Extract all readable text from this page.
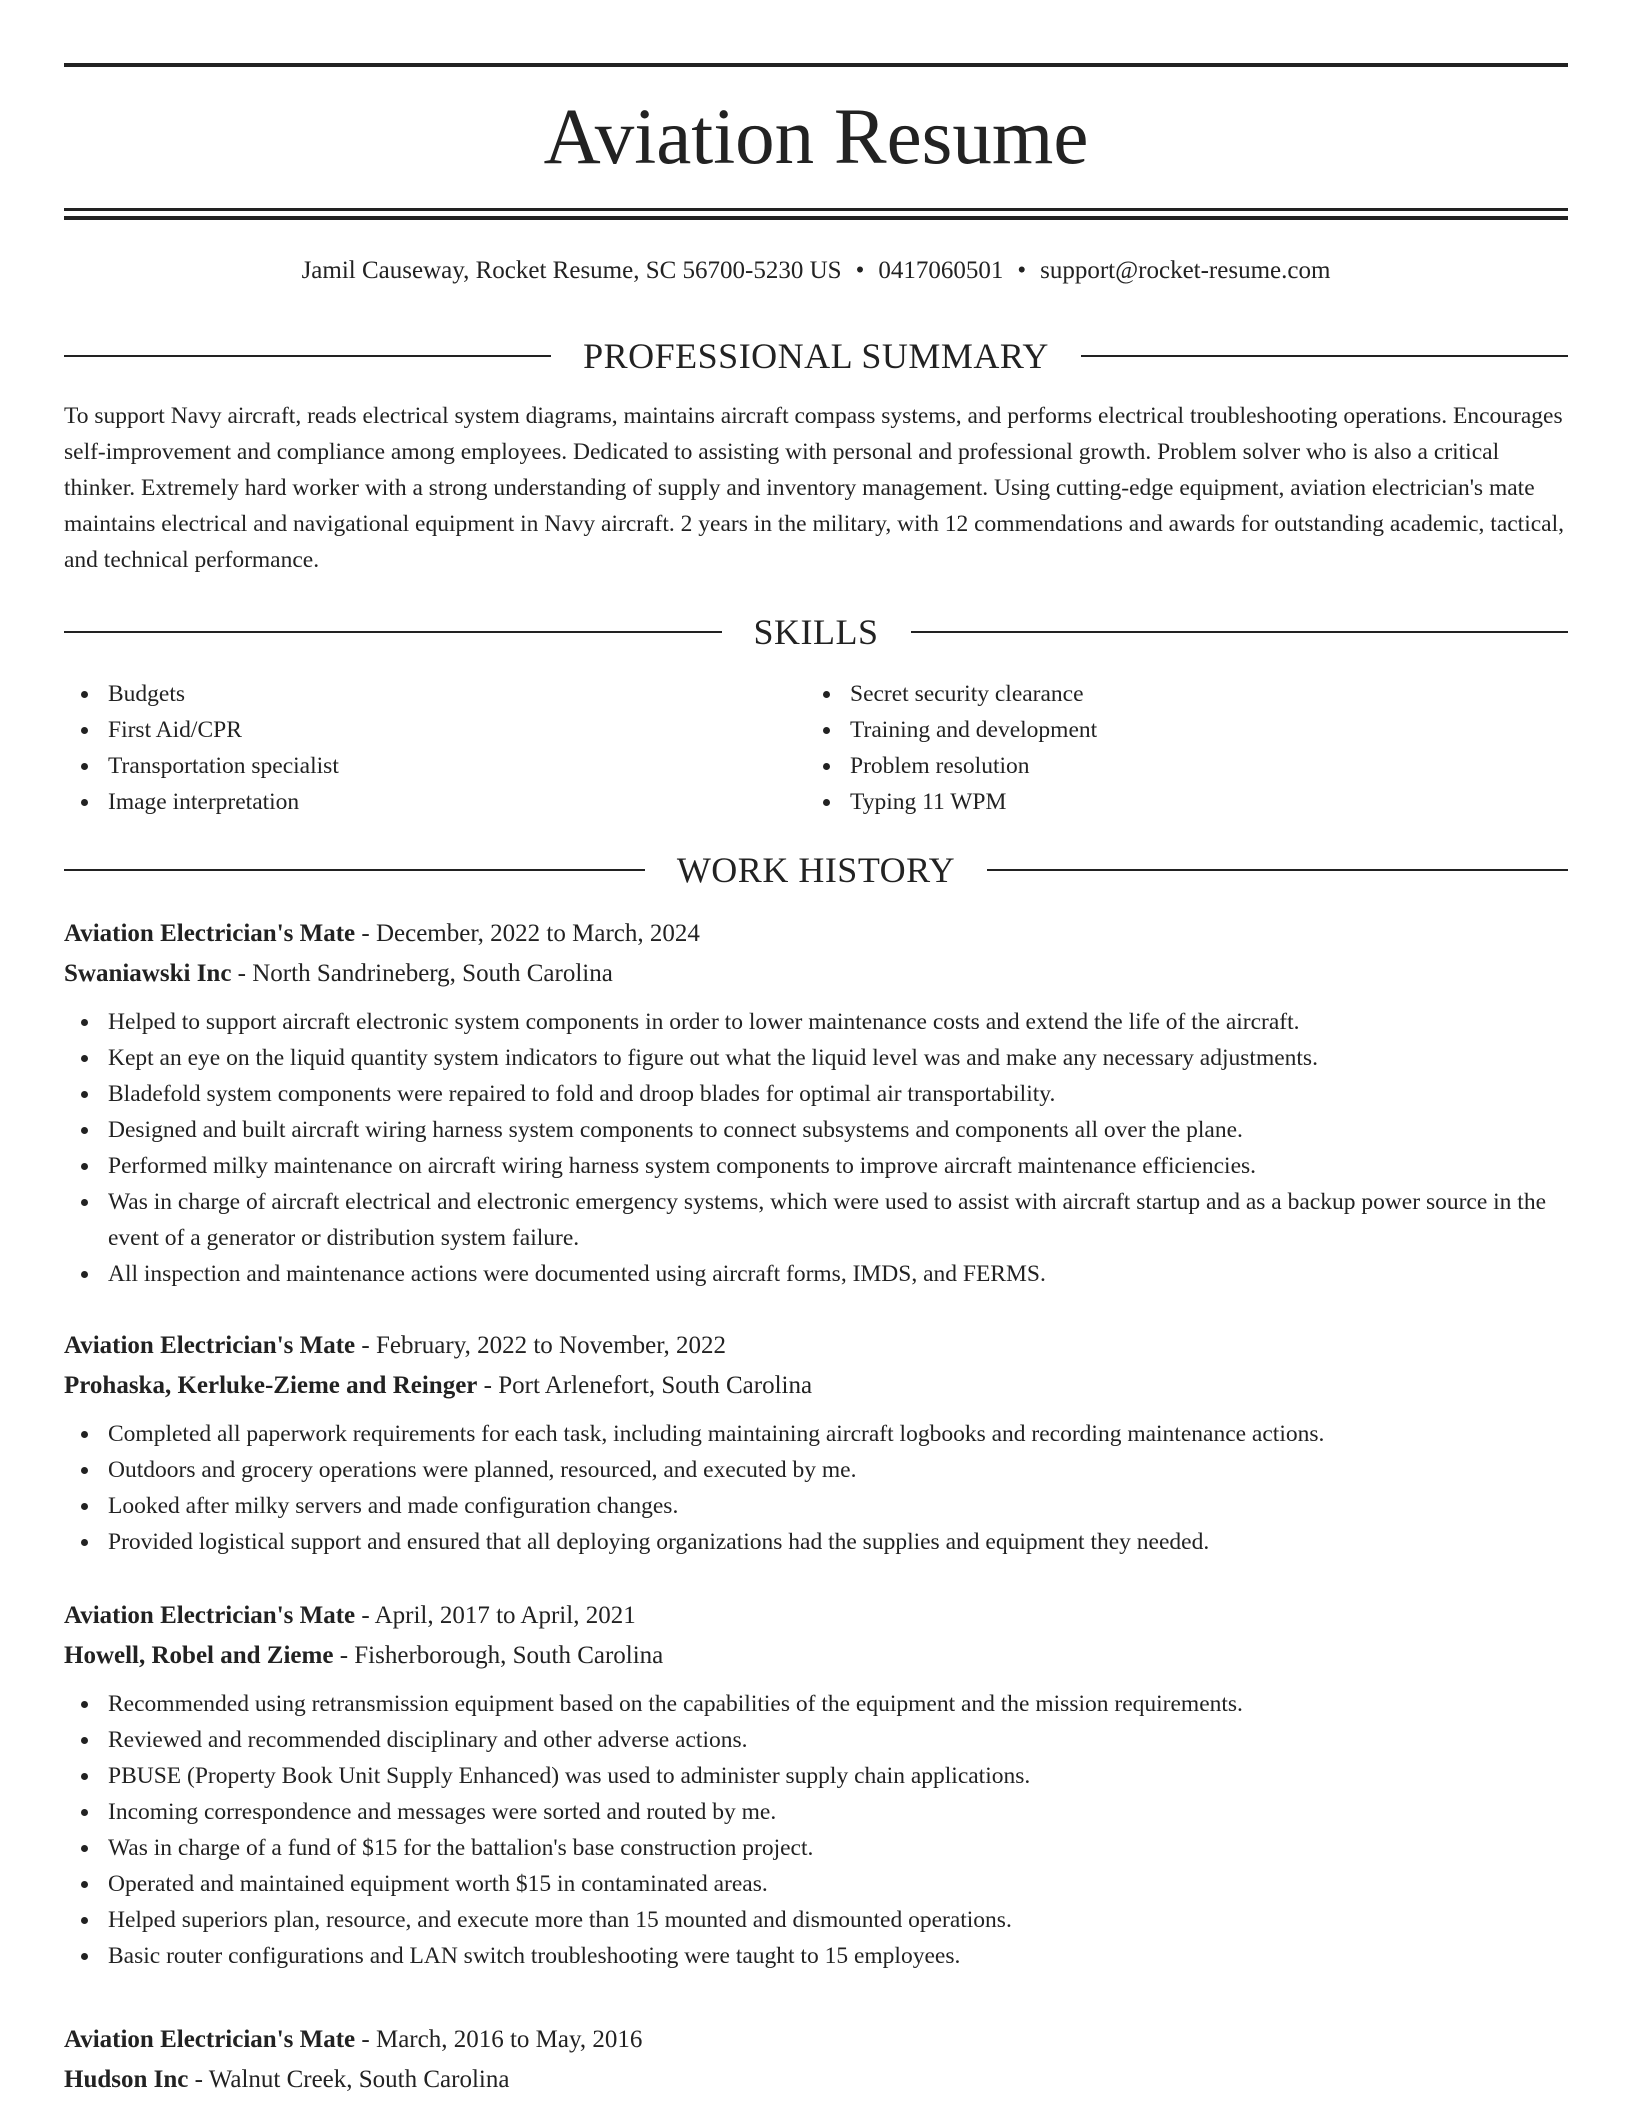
Aviation Resume
Jamil Causeway, Rocket Resume, SC 56700-5230 US • 0417060501 • support@rocket-resume.com
PROFESSIONAL SUMMARY

To support Navy aircraft, reads electrical system diagrams, maintains aircraft compass systems, and performs electrical troubleshooting operations. Encourages self-improvement and compliance among employees. Dedicated to assisting with personal and professional growth. Problem solver who is also a critical thinker. Extremely hard worker with a strong understanding of supply and inventory management. Using cutting-edge equipment, aviation electrician's mate maintains electrical and navigational equipment in Navy aircraft. 2 years in the military, with 12 commendations and awards for outstanding academic, tactical, and technical performance.

SKILLS
Budgets
First Aid/CPR
Transportation specialist
Image interpretation
Secret security clearance
Training and development
Problem resolution
Typing 11 WPM
WORK HISTORY
Aviation Electrician's Mate - December, 2022 to March, 2024
Swaniawski Inc - North Sandrineberg, South Carolina
Helped to support aircraft electronic system components in order to lower maintenance costs and extend the life of the aircraft.
Kept an eye on the liquid quantity system indicators to figure out what the liquid level was and make any necessary adjustments.
Bladefold system components were repaired to fold and droop blades for optimal air transportability.
Designed and built aircraft wiring harness system components to connect subsystems and components all over the plane.
Performed milky maintenance on aircraft wiring harness system components to improve aircraft maintenance efficiencies.
Was in charge of aircraft electrical and electronic emergency systems, which were used to assist with aircraft startup and as a backup power source in the event of a generator or distribution system failure.
All inspection and maintenance actions were documented using aircraft forms, IMDS, and FERMS.
Aviation Electrician's Mate - February, 2022 to November, 2022
Prohaska, Kerluke-Zieme and Reinger - Port Arlenefort, South Carolina
Completed all paperwork requirements for each task, including maintaining aircraft logbooks and recording maintenance actions.
Outdoors and grocery operations were planned, resourced, and executed by me.
Looked after milky servers and made configuration changes.
Provided logistical support and ensured that all deploying organizations had the supplies and equipment they needed.
Aviation Electrician's Mate - April, 2017 to April, 2021
Howell, Robel and Zieme - Fisherborough, South Carolina
Recommended using retransmission equipment based on the capabilities of the equipment and the mission requirements.
Reviewed and recommended disciplinary and other adverse actions.
PBUSE (Property Book Unit Supply Enhanced) was used to administer supply chain applications.
Incoming correspondence and messages were sorted and routed by me.
Was in charge of a fund of $15 for the battalion's base construction project.
Operated and maintained equipment worth $15 in contaminated areas.
Helped superiors plan, resource, and execute more than 15 mounted and dismounted operations.
Basic router configurations and LAN switch troubleshooting were taught to 15 employees.
Aviation Electrician's Mate - March, 2016 to May, 2016
Hudson Inc - Walnut Creek, South Carolina
